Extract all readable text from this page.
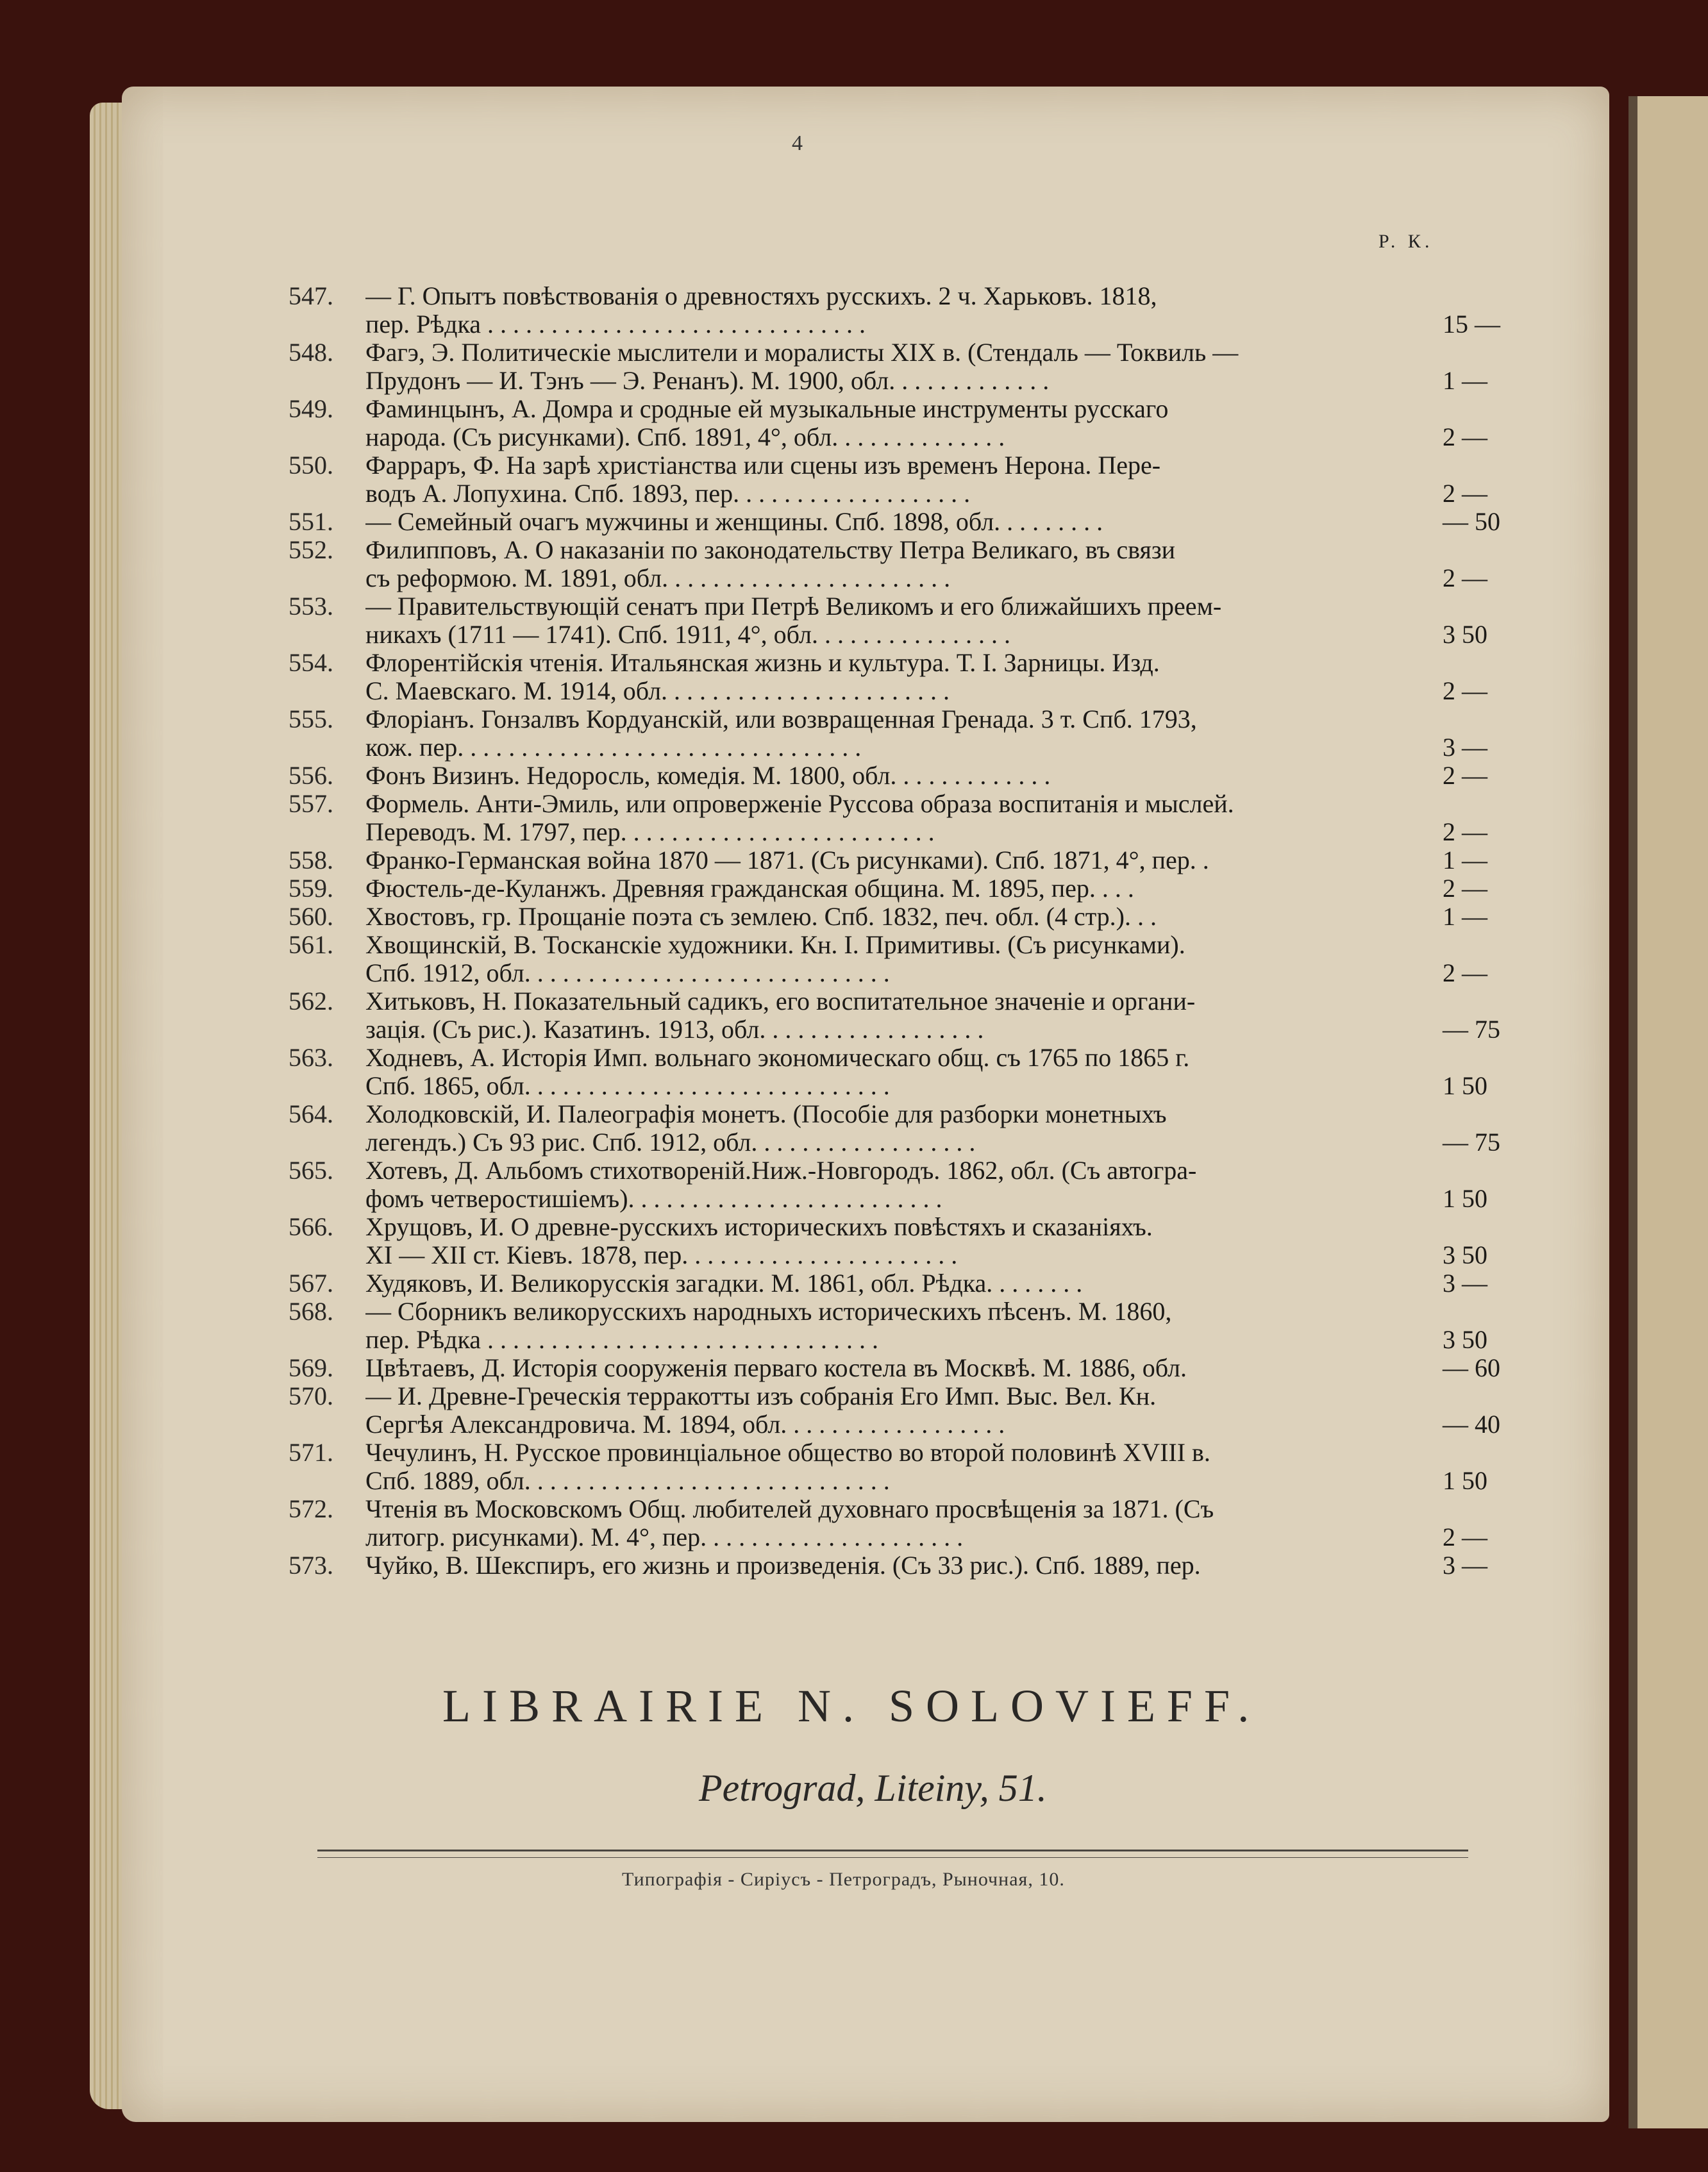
4
Р. К.
547.	— Г. Опытъ повѣствованія о древностяхъ русскихъ. 2 ч. Харьковъ. 1818,
пер. Рѣдка . . . . . . . . . . . . . . . . . . . . . . . . . . . . . .	15 —
548.	Фагэ, Э. Политическіе мыслители и моралисты XIX в. (Стендаль — Токвиль —
Прудонъ — И. Тэнъ — Э. Ренанъ). М. 1900, обл. . . . . . . . . . . . .	1 —
549.	Фаминцынъ, А. Домра и сродные ей музыкальные инструменты русскаго
народа. (Съ рисунками). Спб. 1891, 4°, обл. . . . . . . . . . . . . .	2 —
550.	Фарраръ, Ф. На зарѣ христіанства или сцены изъ временъ Нерона. Пере-
водъ А. Лопухина. Спб. 1893, пер. . . . . . . . . . . . . . . . . . .	2 —
551.	— Семейный очагъ мужчины и женщины. Спб. 1898, обл. . . . . . . . .	— 50
552.	Филипповъ, А. О наказаніи по законодательству Петра Великаго, въ связи
съ реформою. М. 1891, обл. . . . . . . . . . . . . . . . . . . . . . .	2 —
553.	— Правительствующій сенатъ при Петрѣ Великомъ и его ближайшихъ преем-
никахъ (1711 — 1741). Спб. 1911, 4°, обл. . . . . . . . . . . . . . . .	3 50
554.	Флорентійскія чтенія. Итальянская жизнь и культура. Т. I. Зарницы. Изд.
С. Маевскаго. М. 1914, обл. . . . . . . . . . . . . . . . . . . . . . .	2 —
555.	Флоріанъ. Гонзалвъ Кордуанскій, или возвращенная Гренада. 3 т. Спб. 1793,
кож. пер. . . . . . . . . . . . . . . . . . . . . . . . . . . . . . . .	3 —
556.	Фонъ Визинъ. Недоросль, комедія. М. 1800, обл. . . . . . . . . . . . .	2 —
557.	Формель. Анти-Эмиль, или опроверженіе Руссова образа воспитанія и мыслей.
Переводъ. М. 1797, пер. . . . . . . . . . . . . . . . . . . . . . . . .	2 —
558.	Франко-Германская война 1870 — 1871. (Съ рисунками). Спб. 1871, 4°, пер. .	1 —
559.	Фюстель-де-Куланжъ. Древняя гражданская община. М. 1895, пер. . . .	2 —
560.	Хвостовъ, гр. Прощаніе поэта съ землею. Спб. 1832, печ. обл. (4 стр.). . .	1 —
561.	Хвощинскій, В. Тосканскіе художники. Кн. I. Примитивы. (Съ рисунками).
Спб. 1912, обл. . . . . . . . . . . . . . . . . . . . . . . . . . . . .	2 —
562.	Хитьковъ, Н. Показательный садикъ, его воспитательное значеніе и органи-
зація. (Съ рис.). Казатинъ. 1913, обл. . . . . . . . . . . . . . . . . .	— 75
563.	Ходневъ, А. Исторія Имп. вольнаго экономическаго общ. съ 1765 по 1865 г.
Спб. 1865, обл. . . . . . . . . . . . . . . . . . . . . . . . . . . . .	1 50
564.	Холодковскій, И. Палеографія монетъ. (Пособіе для разборки монетныхъ
легендъ.) Съ 93 рис. Спб. 1912, обл. . . . . . . . . . . . . . . . . .	— 75
565.	Хотевъ, Д. Альбомъ стихотвореній.Ниж.-Новгородъ. 1862, обл. (Съ автогра-
фомъ четверостишіемъ). . . . . . . . . . . . . . . . . . . . . . . . .	1 50
566.	Хрущовъ, И. О древне-русскихъ историческихъ повѣстяхъ и сказаніяхъ.
XI — XII ст. Кіевъ. 1878, пер. . . . . . . . . . . . . . . . . . . . . .	3 50
567.	Худяковъ, И. Великорусскія загадки. М. 1861, обл. Рѣдка. . . . . . . .	3 —
568.	— Сборникъ великорусскихъ народныхъ историческихъ пѣсенъ. М. 1860,
пер. Рѣдка . . . . . . . . . . . . . . . . . . . . . . . . . . . . . . .	3 50
569.	Цвѣтаевъ, Д. Исторія сооруженія перваго костела въ Москвѣ. М. 1886, обл.	— 60
570.	— И. Древне-Греческія терракотты изъ собранія Его Имп. Выс. Вел. Кн.
Сергѣя Александровича. М. 1894, обл. . . . . . . . . . . . . . . . . .	— 40
571.	Чечулинъ, Н. Русское провинціальное общество во второй половинѣ XVIII в.
Спб. 1889, обл. . . . . . . . . . . . . . . . . . . . . . . . . . . . .	1 50
572.	Чтенія въ Московскомъ Общ. любителей духовнаго просвѣщенія за 1871. (Съ
литогр. рисунками). М. 4°, пер. . . . . . . . . . . . . . . . . . . . .	2 —
573.	Чуйко, В. Шекспиръ, его жизнь и произведенія. (Съ 33 рис.). Спб. 1889, пер.	3 —
LIBRAIRIE N. SOLOVIEFF.
Petrograd, Liteiny, 51.
Типографія - Сиріусъ - Петроградъ, Рыночная, 10.
